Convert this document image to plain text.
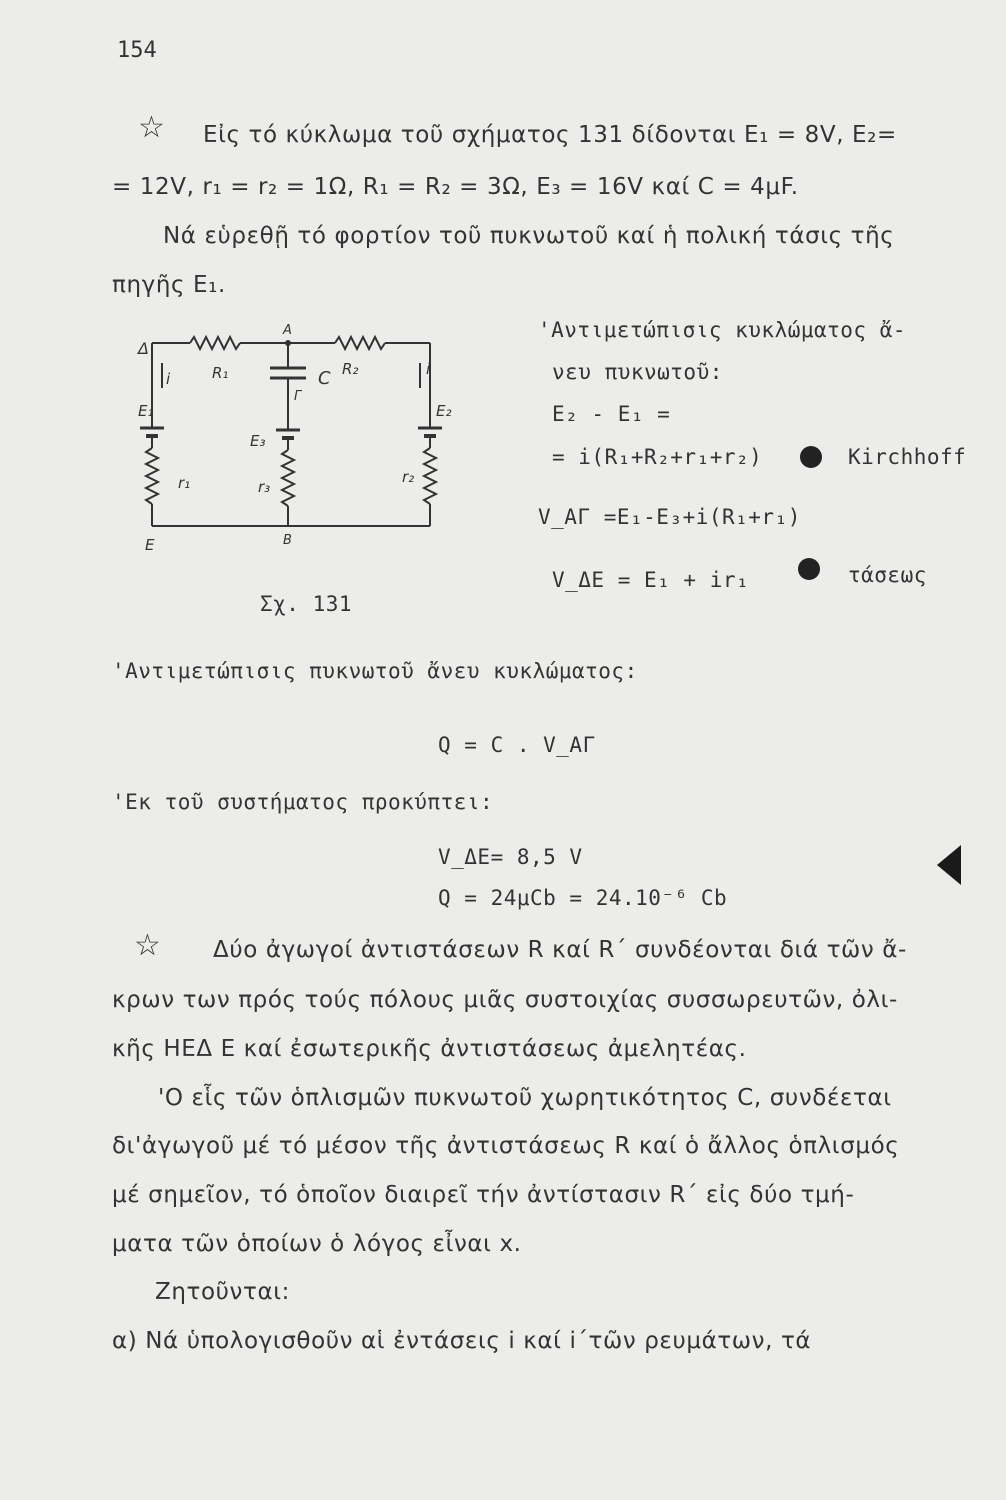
154
☆ Εἰς τό κύκλωμα τοῦ σχήματος 131 δίδονται E₁ = 8V, E₂=
= 12V, r₁ = r₂ = 1Ω, R₁ = R₂ = 3Ω, E₃ = 16V καί C = 4μF.
Νά εὑρεθῇ τό φορτίον τοῦ πυκνωτοῦ καί ἡ πολική τάσις τῆς
πηγῆς E₁.
Δ
A
E	B
R₁	R₂
C
Γ
E₁	E₂
E₃
r₁	r₂
r₃
i
i
Σχ. 131
'Αντιμετώπισις κυκλώματος ἄ-
νευ πυκνωτοῦ:
E₂ - E₁ =
= i(R₁+R₂+r₁+r₂)	Kirchhoff
V_AΓ =E₁-E₃+i(R₁+r₁)
V_ΔE = E₁ + ir₁	τάσεως
'Αντιμετώπισις πυκνωτοῦ ἄνευ κυκλώματος:
Q = C . V_AΓ
'Εκ τοῦ συστήματος προκύπτει:
V_ΔE= 8,5 V
Q = 24μCb = 24.10⁻⁶ Cb
☆ Δύο ἀγωγοί ἀντιστάσεων R καί R΄ συνδέονται διά τῶν ἄ-
κρων των πρός τούς πόλους μιᾶς συστοιχίας συσσωρευτῶν, ὀλι-
κῆς ΗΕΔ E καί ἐσωτερικῆς ἀντιστάσεως ἀμελητέας.
'Ο εἷς τῶν ὁπλισμῶν πυκνωτοῦ χωρητικότητος C, συνδέεται
δι'ἀγωγοῦ μέ τό μέσον τῆς ἀντιστάσεως R καί ὁ ἄλλος ὁπλισμός
μέ σημεῖον, τό ὁποῖον διαιρεῖ τήν ἀντίστασιν R΄ εἰς δύο τμή-
ματα τῶν ὁποίων ὁ λόγος εἶναι x.
Ζητοῦνται:
α) Νά ὑπολογισθοῦν αἱ ἐντάσεις i καί i΄τῶν ρευμάτων, τά
